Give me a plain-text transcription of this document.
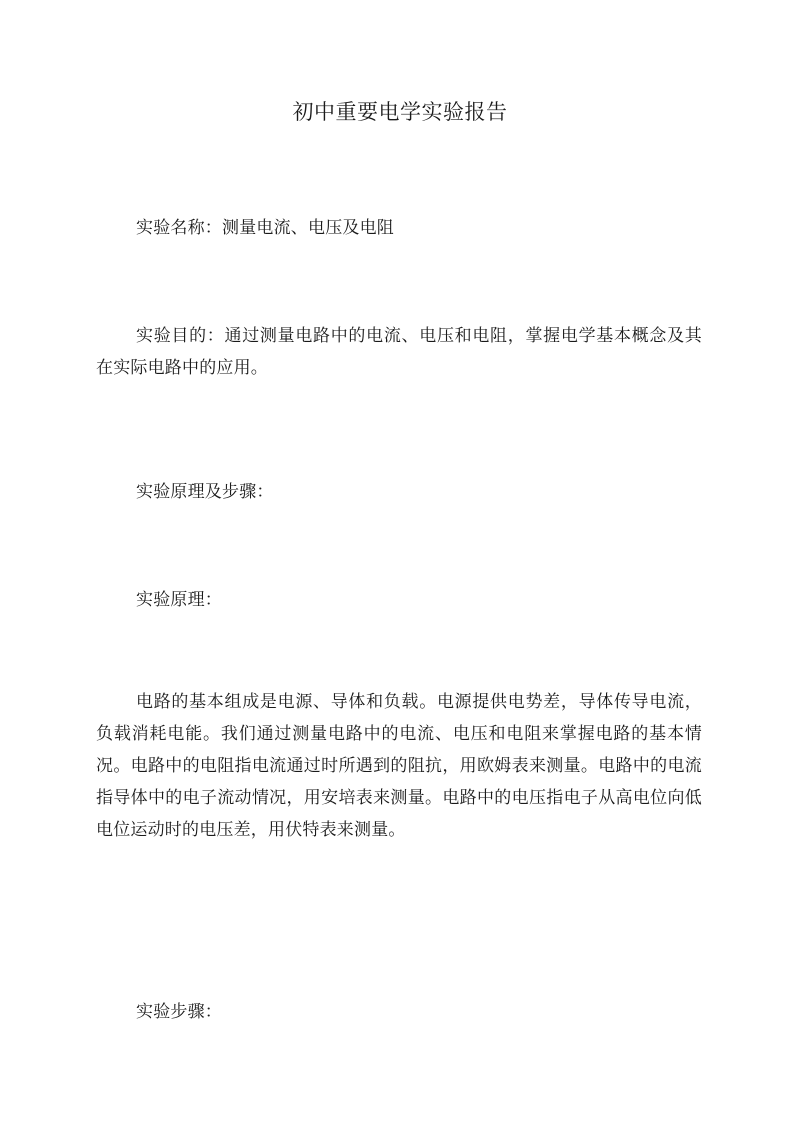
初中重要电学实验报告
实验名称：测量电流、电压及电阻
实验目的：通过测量电路中的电流、电压和电阻，掌握电学基本概念及其在实际电路中的应用。
实验原理及步骤：
实验原理：
电路的基本组成是电源、导体和负载。电源提供电势差，导体传导电流，负载消耗电能。我们通过测量电路中的电流、电压和电阻来掌握电路的基本情况。电路中的电阻指电流通过时所遇到的阻抗，用欧姆表来测量。电路中的电流指导体中的电子流动情况，用安培表来测量。电路中的电压指电子从高电位向低电位运动时的电压差，用伏特表来测量。
实验步骤：
